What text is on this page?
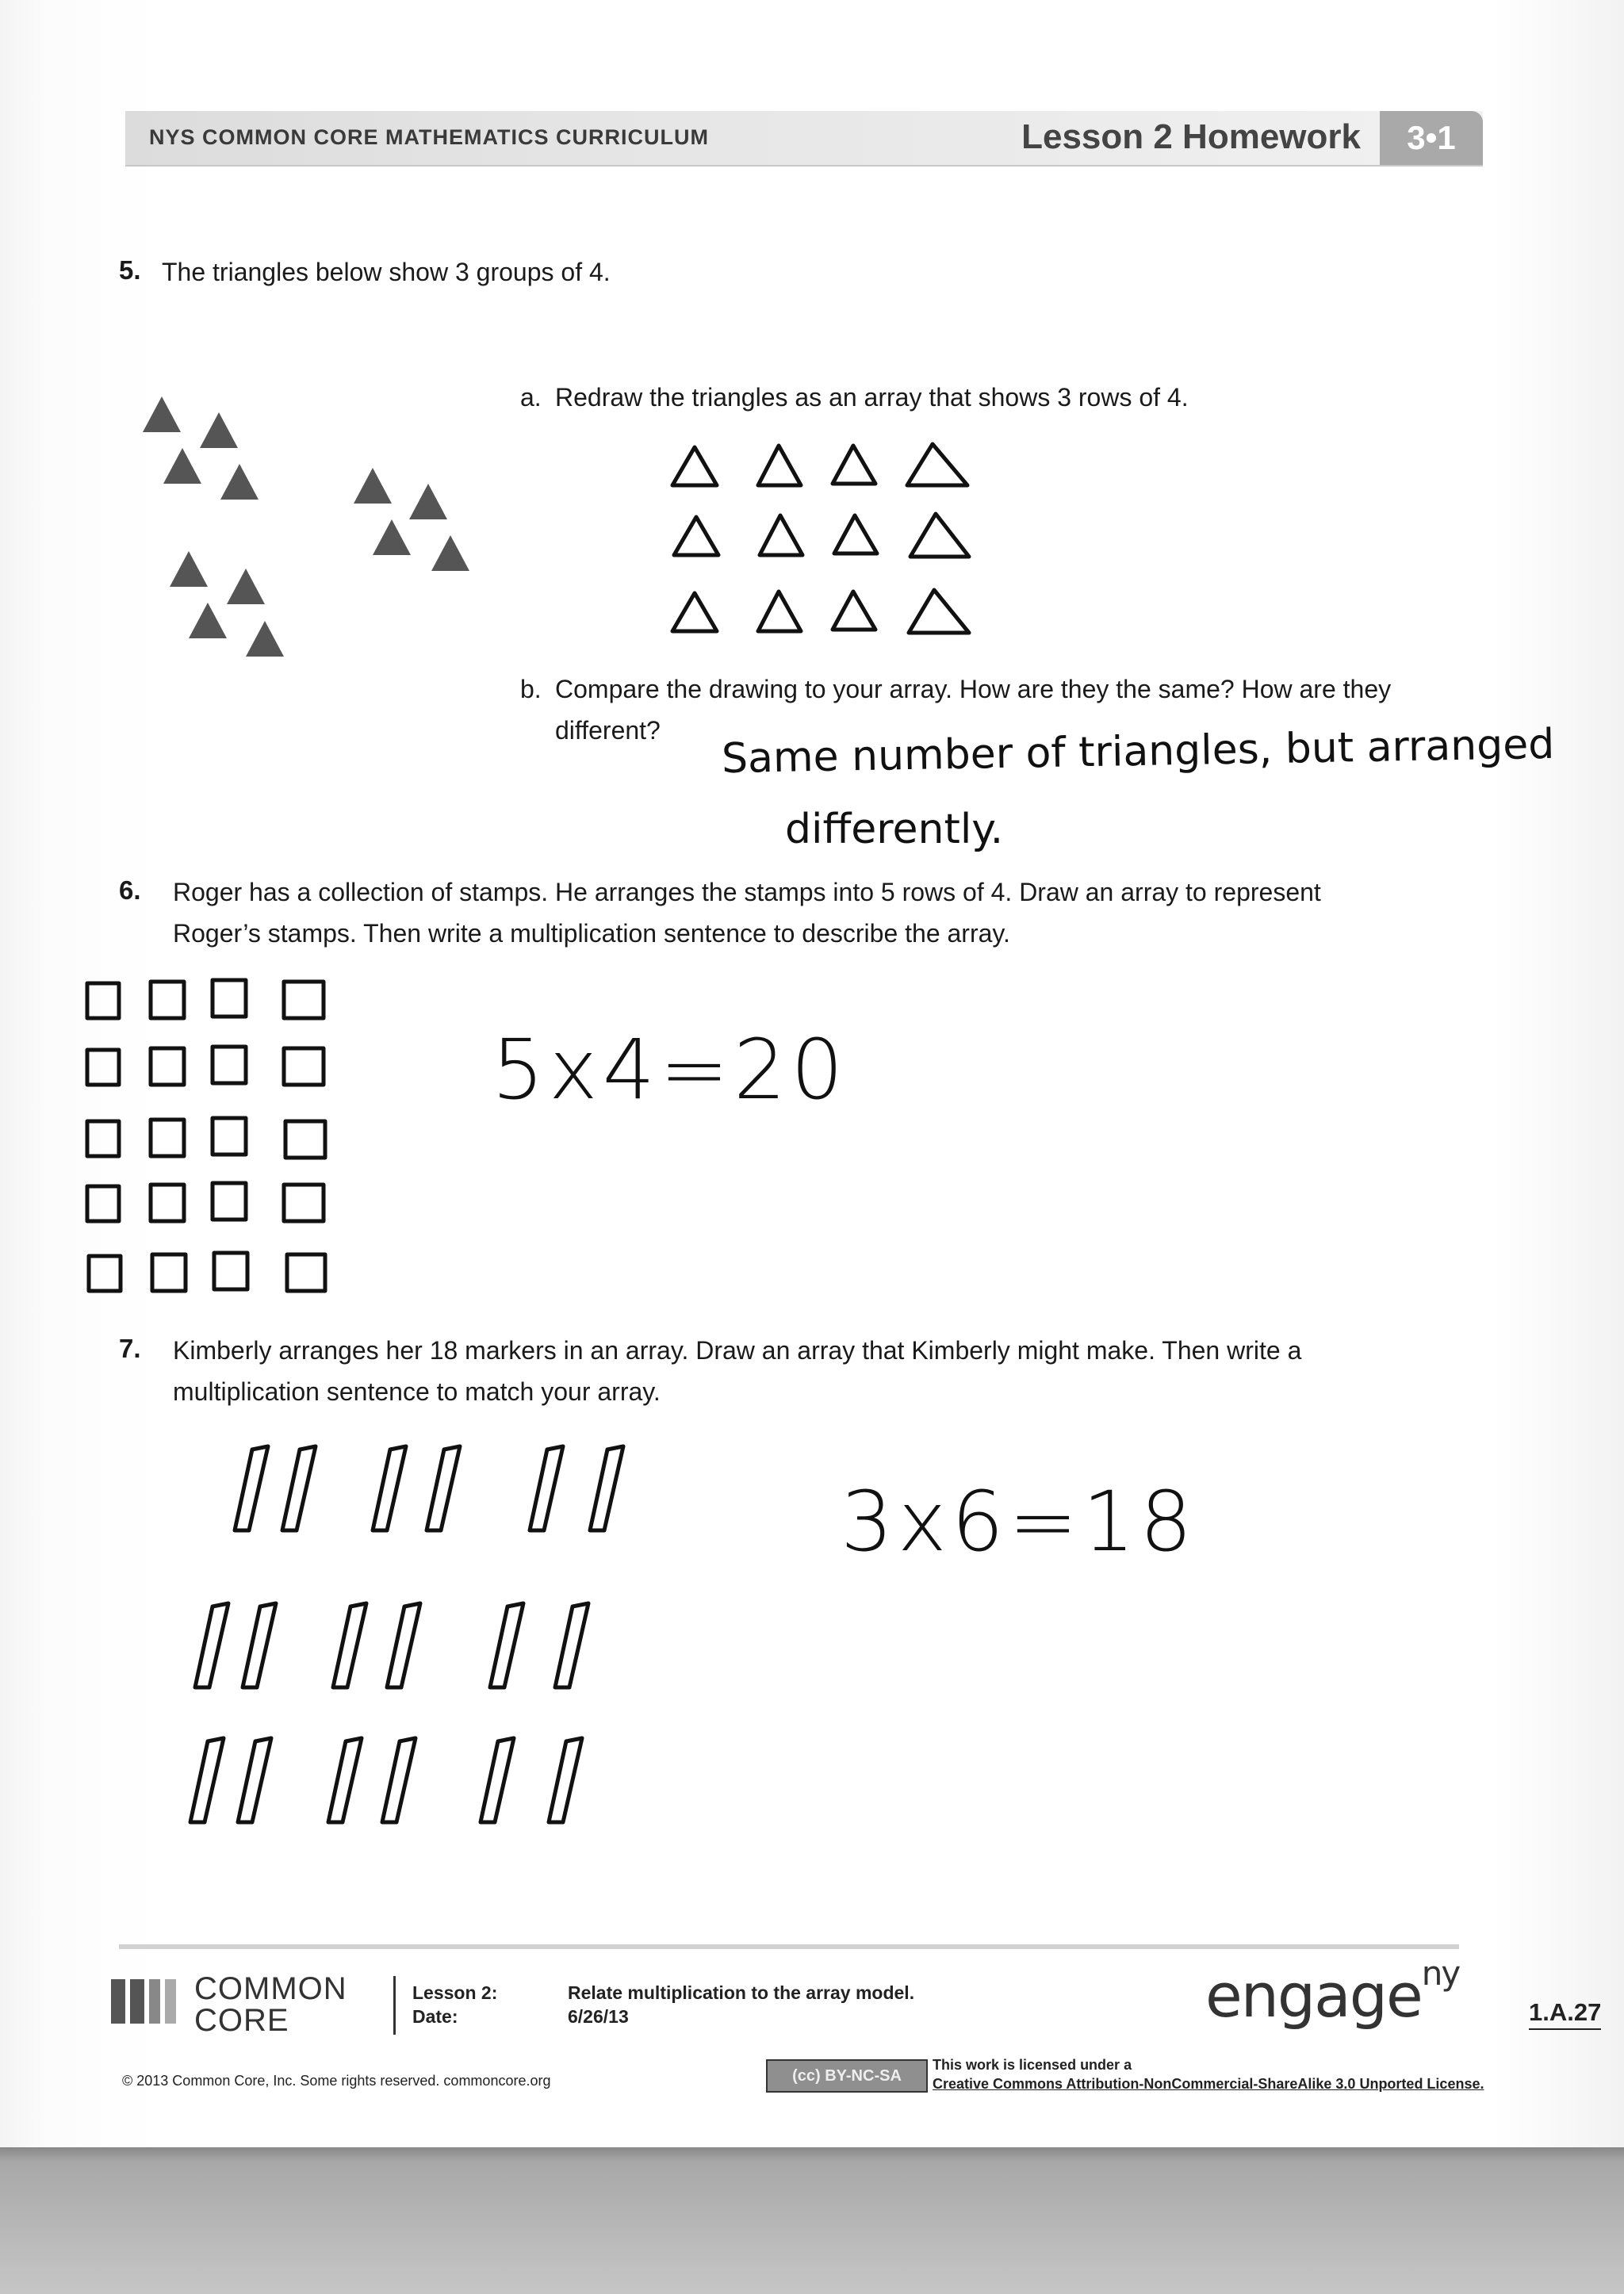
NYS COMMON CORE MATHEMATICS CURRICULUM	Lesson 2 Homework	3•1
5. The triangles below show 3 groups of 4.
a. Redraw the triangles as an array that shows 3 rows of 4.
b. Compare the drawing to your array. How are they the same? How are they
different? Same number of triangles, but arranged
differently.
6. Roger has a collection of stamps. He arranges the stamps into 5 rows of 4. Draw an array to represent
Roger’s stamps. Then write a multiplication sentence to describe the array.
5x4=20
7. Kimberly arranges her 18 markers in an array. Draw an array that Kimberly might make. Then write a
multiplication sentence to match your array.
3x6=18
COMMON
CORE
Lesson 2:
Date:
Relate multiplication to the array model.
6/26/13	engage$^{ny}$
1.A.27
© 2013 Common Core, Inc. Some rights reserved. commoncore.org	(cc) BY-NC-SA
This work is licensed under a
Creative Commons Attribution-NonCommercial-ShareAlike 3.0 Unported License.
